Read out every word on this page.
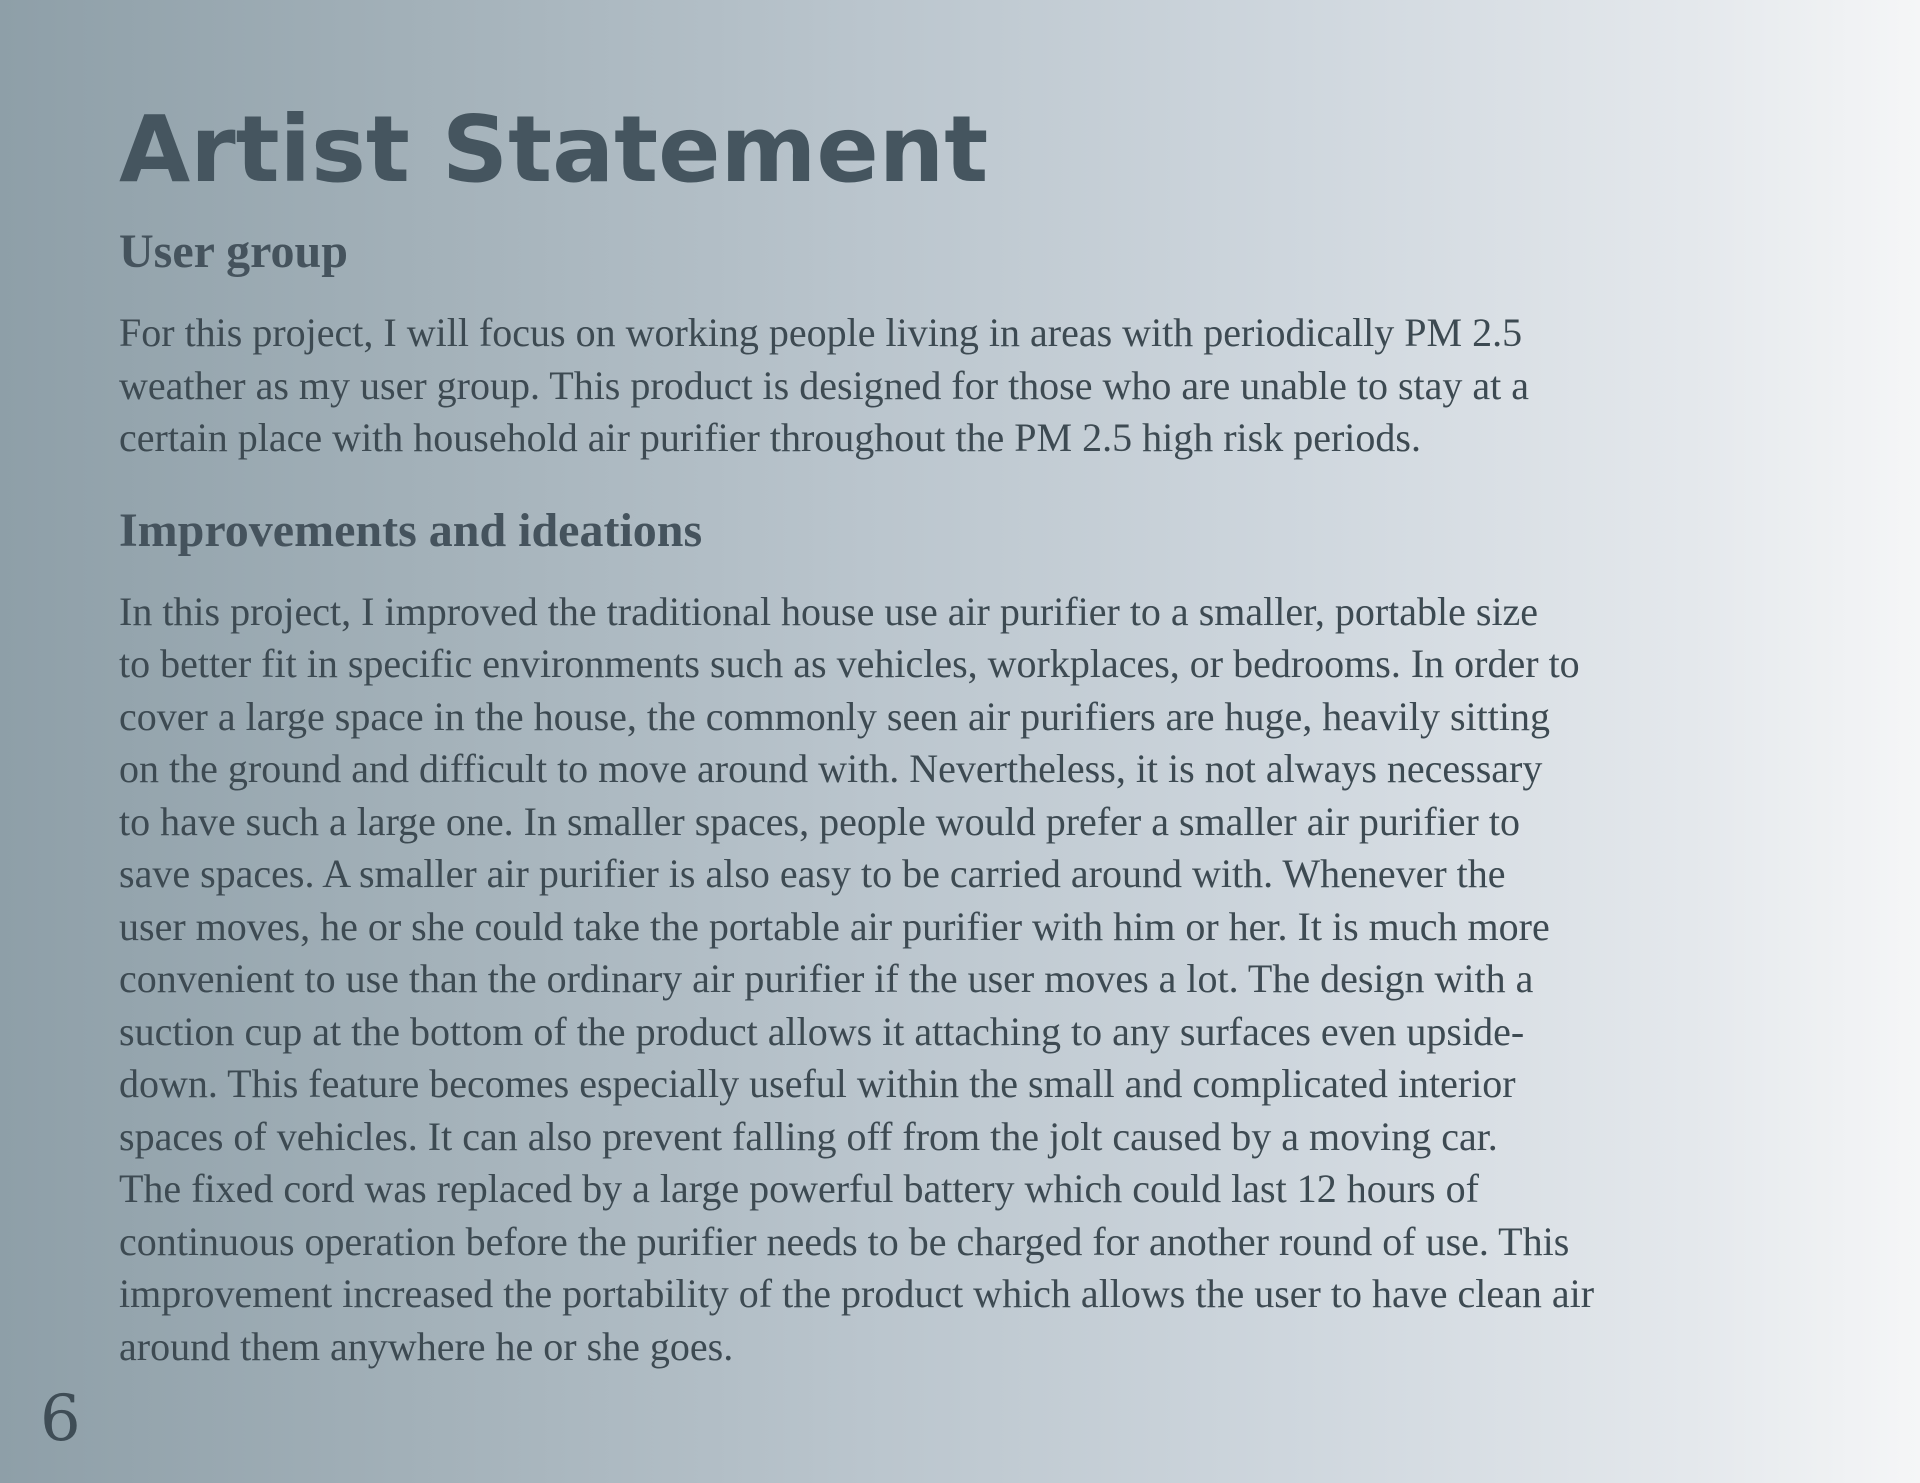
Artist Statement
User group

For this project, I will focus on working people living in areas with periodically PM 2.5
weather as my user group. This product is designed for those who are unable to stay at a
certain place with household air purifier throughout the PM 2.5 high risk periods.

Improvements and ideations

In this project, I improved the traditional house use air purifier to a smaller, portable size
to better fit in specific environments such as vehicles, workplaces, or bedrooms. In order to
cover a large space in the house, the commonly seen air purifiers are huge, heavily sitting
on the ground and difficult to move around with. Nevertheless, it is not always necessary
to have such a large one. In smaller spaces, people would prefer a smaller air purifier to
save spaces. A smaller air purifier is also easy to be carried around with. Whenever the
user moves, he or she could take the portable air purifier with him or her. It is much more
convenient to use than the ordinary air purifier if the user moves a lot. The design with a
suction cup at the bottom of the product allows it attaching to any surfaces even upside-
down. This feature becomes especially useful within the small and complicated interior
spaces of vehicles. It can also prevent falling off from the jolt caused by a moving car.
The fixed cord was replaced by a large powerful battery which could last 12 hours of
continuous operation before the purifier needs to be charged for another round of use. This
improvement increased the portability of the product which allows the user to have clean air
around them anywhere he or she goes.

6
